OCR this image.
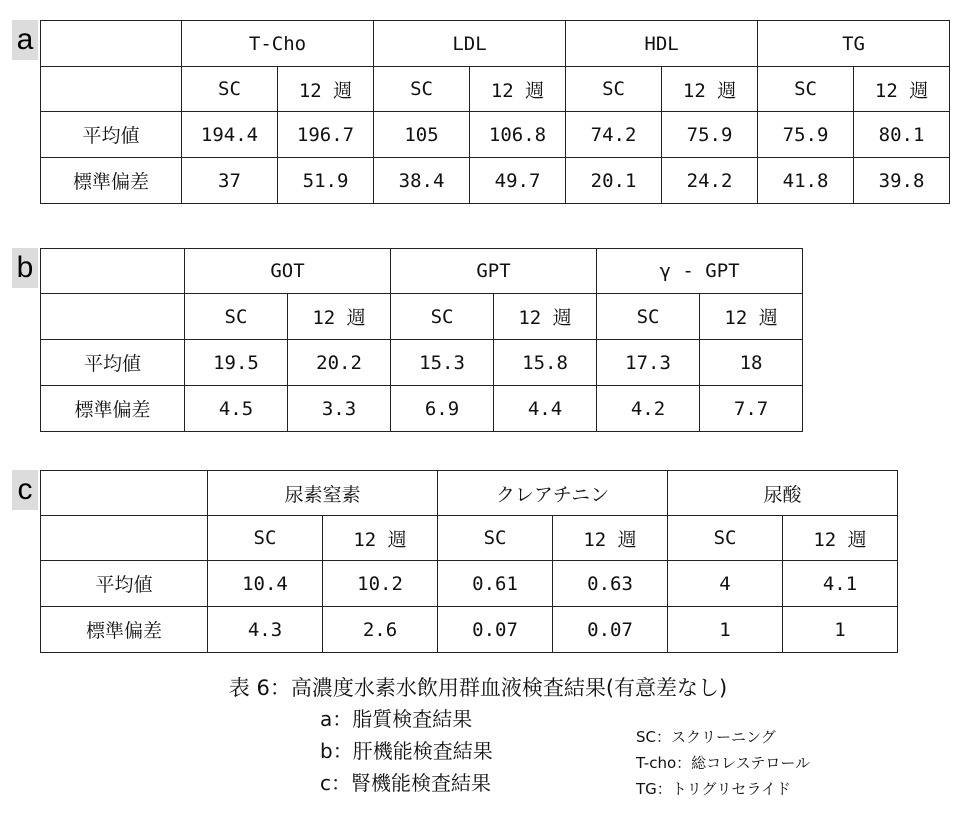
a
		T-Cho		LDL		HDL		TG	
	SC	12 週	SC	12 週	SC	12 週	SC	12 週
平均値	194.4	196.7	105	106.8	74.2	75.9	75.9	80.1
標準偏差	37	51.9	38.4	49.7	20.1	24.2	41.8	39.8
b
		GOT		GPT		γ - GPT	
	SC	12 週	SC	12 週	SC	12 週
平均値	19.5	20.2	15.3	15.8	17.3	18
標準偏差	4.5	3.3	6.9	4.4	4.2	7.7
c
		尿素窒素		クレアチニン		尿酸	
	SC	12 週	SC	12 週	SC	12 週
平均値	10.4	10.2	0.61	0.63	4	4.1
標準偏差	4.3	2.6	0.07	0.07	1	1
表 6：高濃度水素水飲用群血液検査結果(有意差なし)
a：脂質検査結果
b：肝機能検査結果
c：腎機能検査結果
SC：スクリーニング
T-cho：総コレステロール
TG：トリグリセライド
